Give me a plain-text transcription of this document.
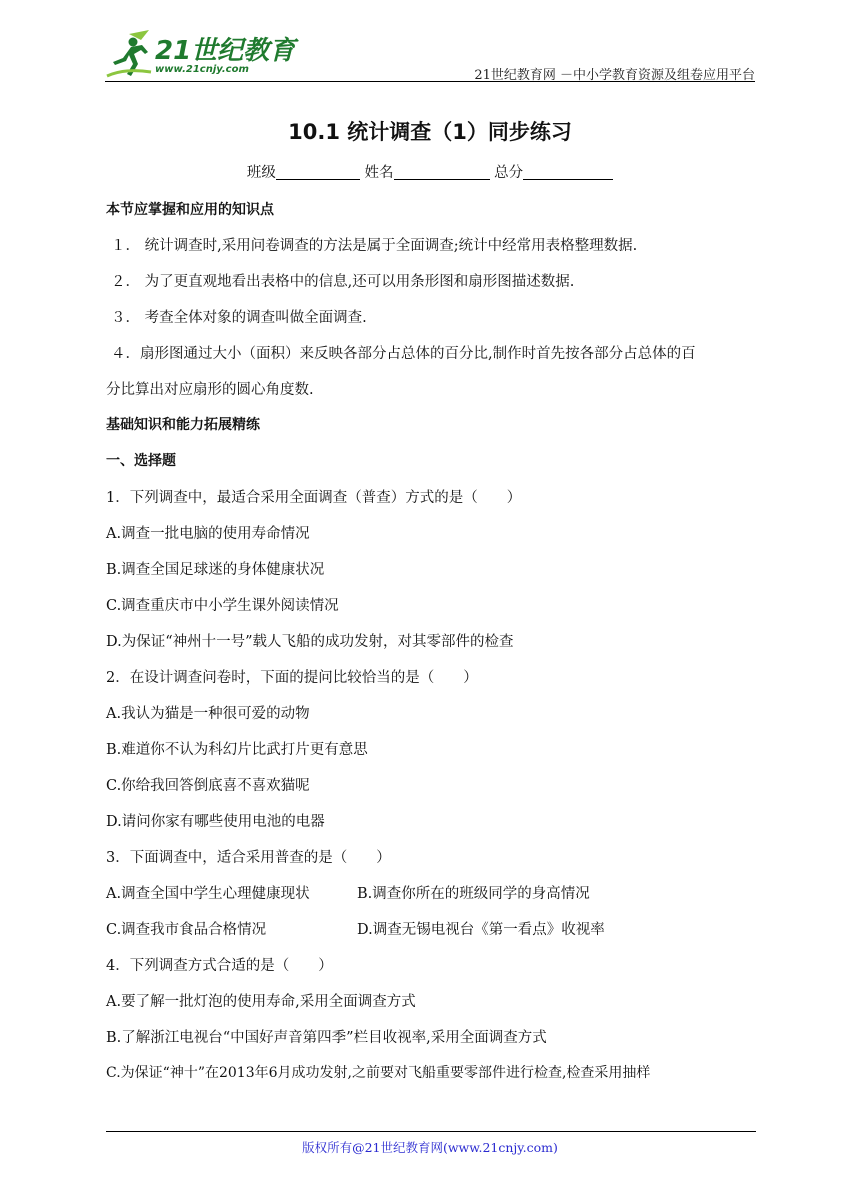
21世纪教育
www.21cnjy.com	21世纪教育网 －中小学教育资源及组卷应用平台
10.1 统计调查（1）同步练习
班级	姓名	总分
本节应掌握和应用的知识点
１． 统计调查时,采用问卷调查的方法是属于全面调查;统计中经常用表格整理数据.
２． 为了更直观地看出表格中的信息,还可以用条形图和扇形图描述数据.
３． 考查全体对象的调查叫做全面调查.
４．扇形图通过大小（面积）来反映各部分占总体的百分比,制作时首先按各部分占总体的百
分比算出对应扇形的圆心角度数.
基础知识和能力拓展精练
一、选择题
1．下列调查中，最适合采用全面调查（普查）方式的是（　　）
A.调查一批电脑的使用寿命情况
B.调查全国足球迷的身体健康状况
C.调查重庆市中小学生课外阅读情况
D.为保证“神州十一号”载人飞船的成功发射，对其零部件的检查
2．在设计调查问卷时，下面的提问比较恰当的是（　　）
A.我认为猫是一种很可爱的动物
B.难道你不认为科幻片比武打片更有意思
C.你给我回答倒底喜不喜欢猫呢
D.请问你家有哪些使用电池的电器
3．下面调查中，适合采用普查的是（　　）
A.调查全国中学生心理健康现状	B.调查你所在的班级同学的身高情况
C.调查我市食品合格情况	D.调查无锡电视台《第一看点》收视率
4．下列调查方式合适的是（　　）
A.要了解一批灯泡的使用寿命,采用全面调查方式
B.了解浙江电视台“中国好声音第四季”栏目收视率,采用全面调查方式
C.为保证“神十”在2013年6月成功发射,之前要对飞船重要零部件进行检查,检查采用抽样
版权所有@21世纪教育网(www.21cnjy.com)
